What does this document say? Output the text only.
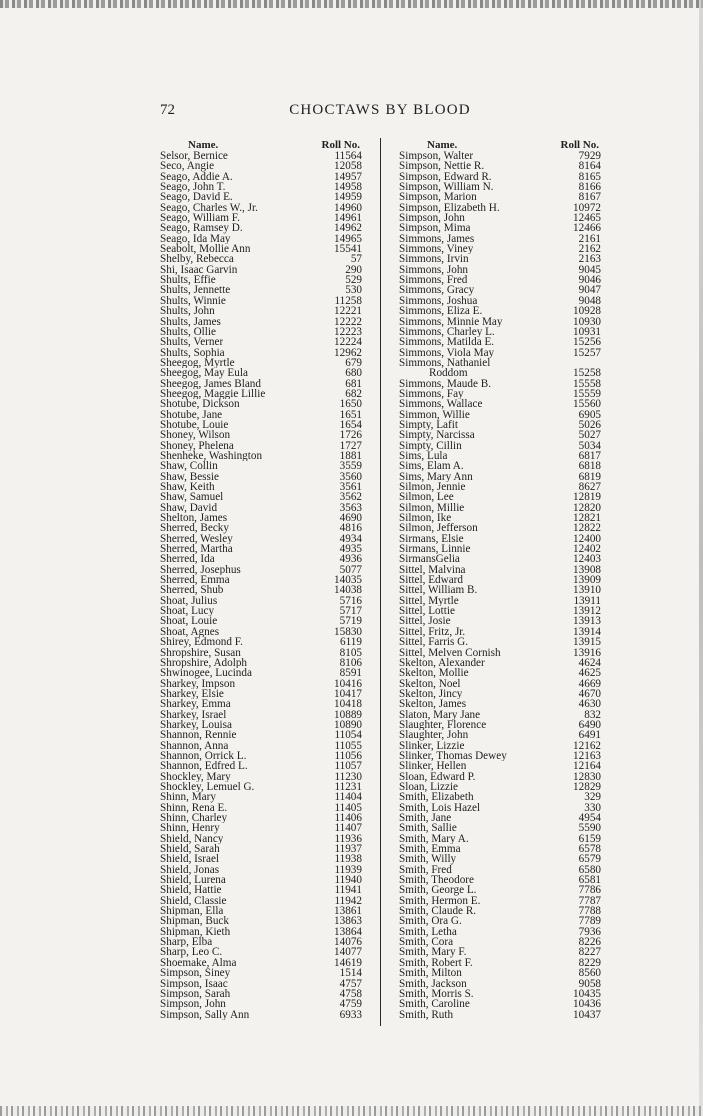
72	CHOCTAWS BY BLOOD
Name.	Roll No.
Selsor, Bernice	11564
Seco, Angie	12058
Seago, Addie A.	14957
Seago, John T.	14958
Seago, David E.	14959
Seago, Charles W., Jr.	14960
Seago, William F.	14961
Seago, Ramsey D.	14962
Seago, Ida May	14965
Seabolt, Mollie Ann	15541
Shelby, Rebecca	57
Shi, Isaac Garvin	290
Shults, Effie	529
Shults, Jennette	530
Shults, Winnie	11258
Shults, John	12221
Shults, James	12222
Shults, Ollie	12223
Shults, Verner	12224
Shults, Sophia	12962
Sheegog, Myrtle	679
Sheegog, May Eula	680
Sheegog, James Bland	681
Sheegog, Maggie Lillie	682
Shotube, Dickson	1650
Shotube, Jane	1651
Shotube, Louie	1654
Shoney, Wilson	1726
Shoney, Phelena	1727
Shenheke, Washington	1881
Shaw, Collin	3559
Shaw, Bessie	3560
Shaw, Keith	3561
Shaw, Samuel	3562
Shaw, David	3563
Shelton, James	4690
Sherred, Becky	4816
Sherred, Wesley	4934
Sherred, Martha	4935
Sherred, Ida	4936
Sherred, Josephus	5077
Sherred, Emma	14035
Sherred, Shub	14038
Shoat, Julius	5716
Shoat, Lucy	5717
Shoat, Louie	5719
Shoat, Agnes	15830
Shirey, Edmond F.	6119
Shropshire, Susan	8105
Shropshire, Adolph	8106
Shwinogee, Lucinda	8591
Sharkey, Impson	10416
Sharkey, Elsie	10417
Sharkey, Emma	10418
Sharkey, Israel	10889
Sharkey, Louisa	10890
Shannon, Rennie	11054
Shannon, Anna	11055
Shannon, Orrick L.	11056
Shannon, Edfred L.	11057
Shockley, Mary	11230
Shockley, Lemuel G.	11231
Shinn, Mary	11404
Shinn, Rena E.	11405
Shinn, Charley	11406
Shinn, Henry	11407
Shield, Nancy	11936
Shield, Sarah	11937
Shield, Israel	11938
Shield, Jonas	11939
Shield, Lurena	11940
Shield, Hattie	11941
Shield, Classie	11942
Shipman, Ella	13861
Shipman, Buck	13863
Shipman, Kieth	13864
Sharp, Elba	14076
Sharp, Leo C.	14077
Shoemake, Alma	14619
Simpson, Siney	1514
Simpson, Isaac	4757
Simpson, Sarah	4758
Simpson, John	4759
Simpson, Sally Ann	6933
Name.	Roll No.
Simpson, Walter	7929
Simpson, Nettie R.	8164
Simpson, Edward R.	8165
Simpson, William N.	8166
Simpson, Marion	8167
Simpson, Elizabeth H.	10972
Simpson, John	12465
Simpson, Mima	12466
Simmons, James	2161
Simmons, Viney	2162
Simmons, Irvin	2163
Simmons, John	9045
Simmons, Fred	9046
Simmons, Gracy	9047
Simmons, Joshua	9048
Simmons, Eliza E.	10928
Simmons, Minnie May	10930
Simmons, Charley L.	10931
Simmons, Matilda E.	15256
Simmons, Viola May	15257
Simmons, Nathaniel
Roddom	15258
Simmons, Maude B.	15558
Simmons, Fay	15559
Simmons, Wallace	15560
Simmon, Willie	6905
Simpty, Lafit	5026
Simpty, Narcissa	5027
Simpty, Cillin	5034
Sims, Lula	6817
Sims, Elam A.	6818
Sims, Mary Ann	6819
Silmon, Jennie	8627
Silmon, Lee	12819
Silmon, Millie	12820
Silmon, Ike	12821
Silmon, Jefferson	12822
Sirmans, Elsie	12400
Sirmans, Linnie	12402
SirmansGelia	12403
Sittel, Malvina	13908
Sittel, Edward	13909
Sittel, William B.	13910
Sittel, Myrtle	13911
Sittel, Lottie	13912
Sittel, Josie	13913
Sittel, Fritz, Jr.	13914
Sittel, Farris G.	13915
Sittel, Melven Cornish	13916
Skelton, Alexander	4624
Skelton, Mollie	4625
Skelton, Noel	4669
Skelton, Jincy	4670
Skelton, James	4630
Slaton, Mary Jane	832
Slaughter, Florence	6490
Slaughter, John	6491
Slinker, Lizzie	12162
Slinker, Thomas Dewey	12163
Slinker, Hellen	12164
Sloan, Edward P.	12830
Sloan, Lizzie	12829
Smith, Elizabeth	329
Smith, Lois Hazel	330
Smith, Jane	4954
Smith, Sallie	5590
Smith, Mary A.	6159
Smith, Emma	6578
Smith, Willy	6579
Smith, Fred	6580
Smith, Theodore	6581
Smith, George L.	7786
Smith, Hermon E.	7787
Smith, Claude R.	7788
Smith, Ora G.	7789
Smith, Letha	7936
Smith, Cora	8226
Smith, Mary F.	8227
Smith, Robert F.	8229
Smith, Milton	8560
Smith, Jackson	9058
Smith, Morris S.	10435
Smith, Caroline	10436
Smith, Ruth	10437
